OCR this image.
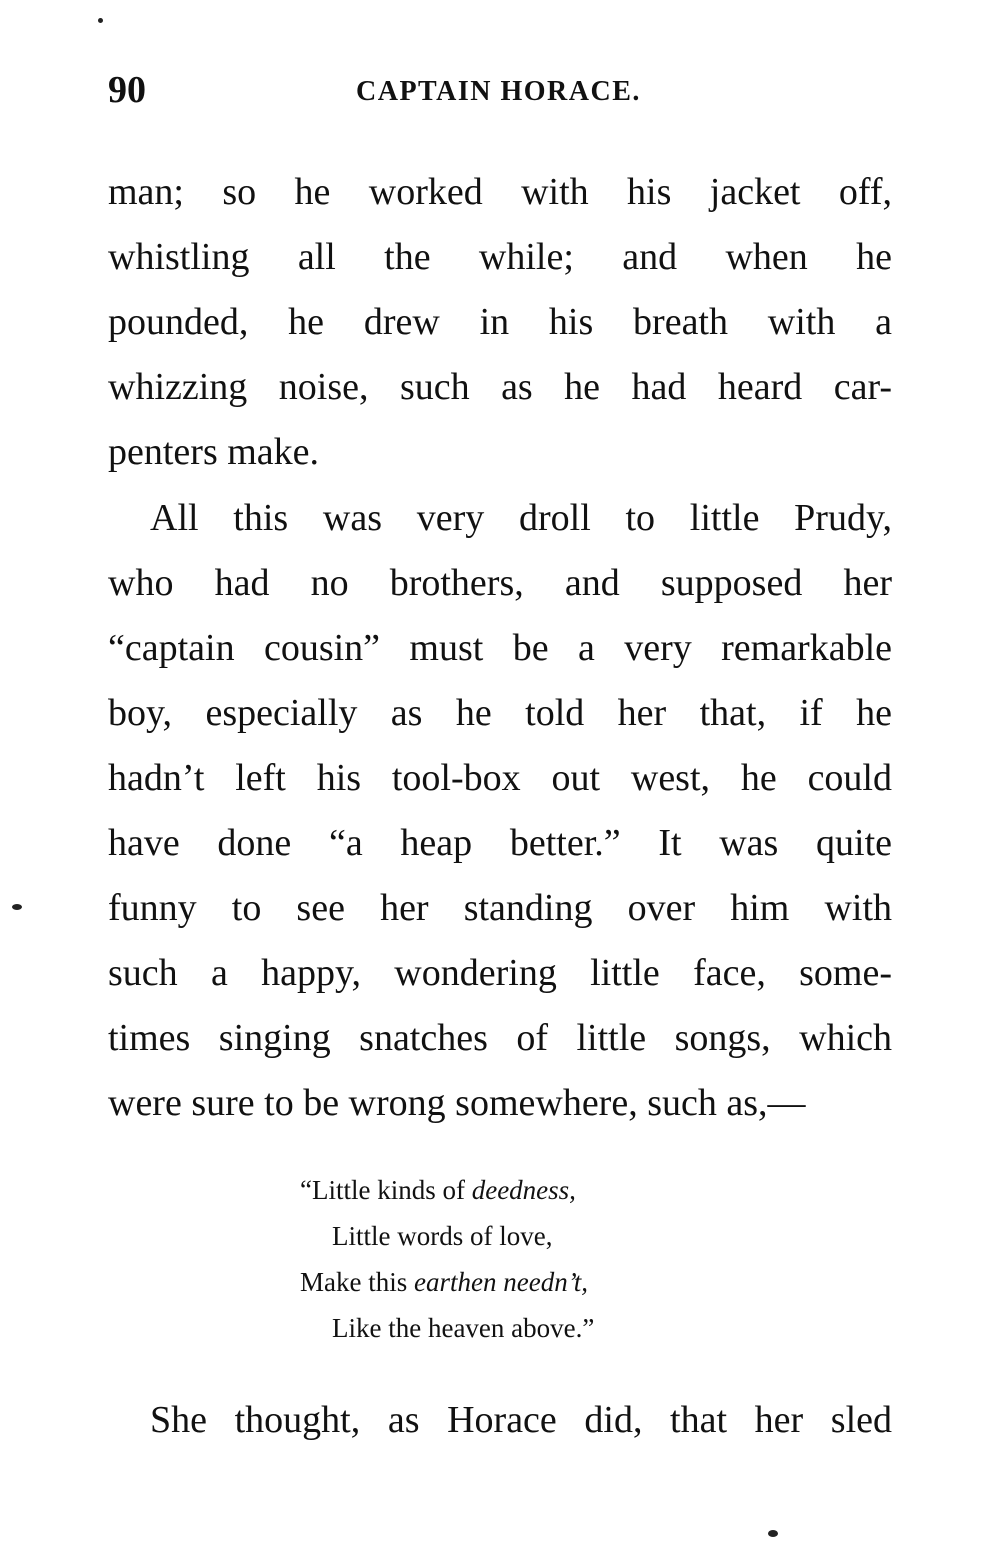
90	CAPTAIN HORACE.
man; so he worked with his jacket off,
whistling all the while; and when he
pounded, he drew in his breath with a
whizzing noise, such as he had heard car-
penters make.
All this was very droll to little Prudy,
who had no brothers, and supposed her
“captain cousin” must be a very remarkable
boy, especially as he told her that, if he
hadn’t left his tool-box out west, he could
have done “a heap better.” It was quite
funny to see her standing over him with
such a happy, wondering little face, some-
times singing snatches of little songs, which
were sure to be wrong somewhere, such as,—
“Little kinds of deedness,
Little words of love,
Make this earthen needn’t,
Like the heaven above.”
She thought, as Horace did, that her sled
